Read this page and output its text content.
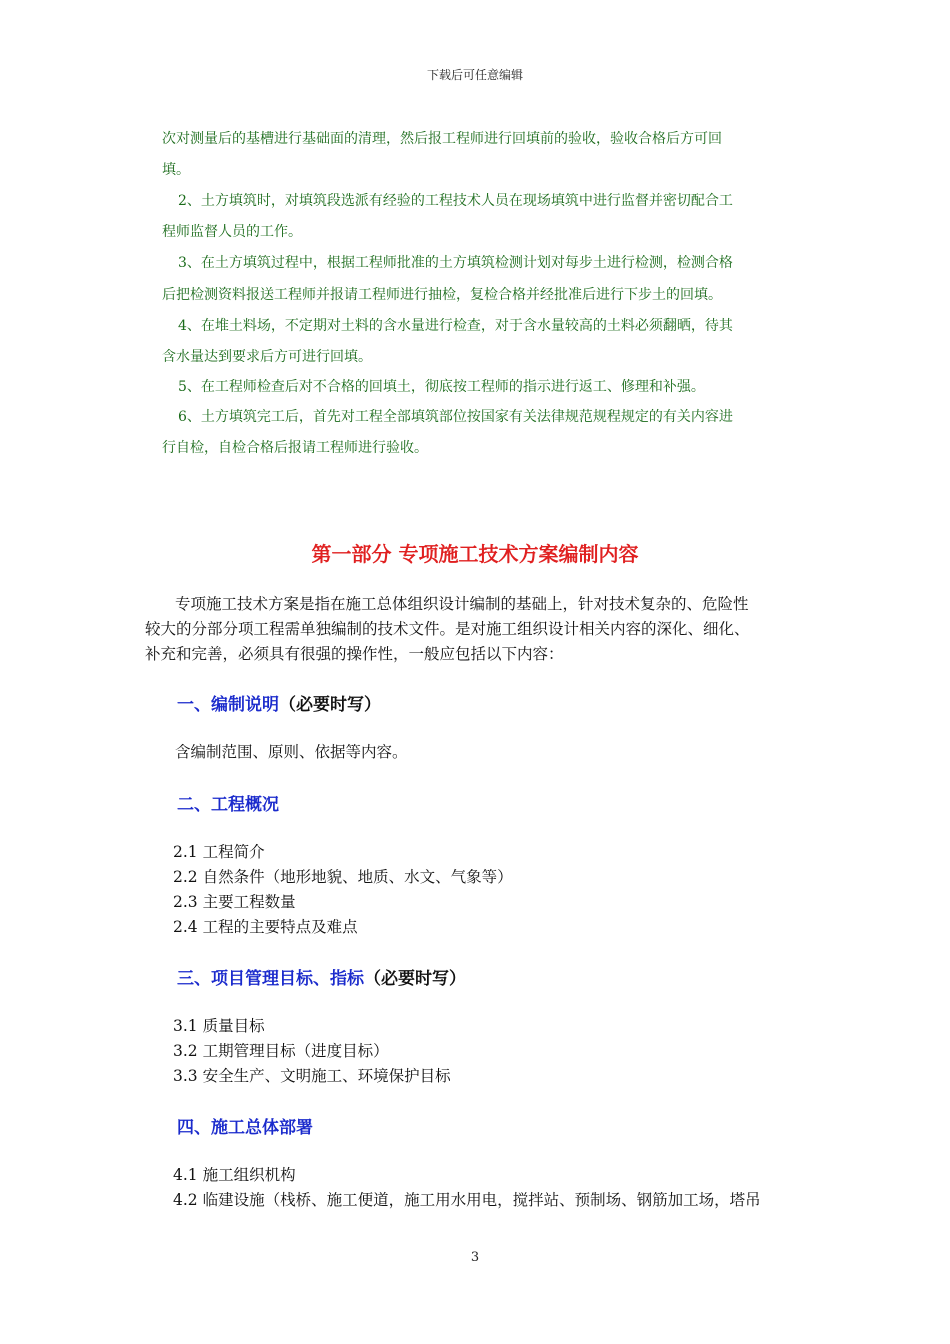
下载后可任意编辑
次对测量后的基槽进行基础面的清理，然后报工程师进行回填前的验收，验收合格后方可回
填。
2、土方填筑时，对填筑段选派有经验的工程技术人员在现场填筑中进行监督并密切配合工
程师监督人员的工作。
3、在土方填筑过程中，根据工程师批准的土方填筑检测计划对每步土进行检测，检测合格
后把检测资料报送工程师并报请工程师进行抽检，复检合格并经批准后进行下步土的回填。
4、在堆土料场，不定期对土料的含水量进行检查，对于含水量较高的土料必须翻晒，待其
含水量达到要求后方可进行回填。
5、在工程师检查后对不合格的回填土，彻底按工程师的指示进行返工、修理和补强。
6、土方填筑完工后，首先对工程全部填筑部位按国家有关法律规范规程规定的有关内容进
行自检，自检合格后报请工程师进行验收。
第一部分 专项施工技术方案编制内容
专项施工技术方案是指在施工总体组织设计编制的基础上，针对技术复杂的、危险性
较大的分部分项工程需单独编制的技术文件。是对施工组织设计相关内容的深化、细化、
补充和完善，必须具有很强的操作性，一般应包括以下内容：
一、编制说明（必要时写）
含编制范围、原则、依据等内容。
二、工程概况
2.1 工程简介
2.2 自然条件（地形地貌、地质、水文、气象等）
2.3 主要工程数量
2.4 工程的主要特点及难点
三、项目管理目标、指标（必要时写）
3.1 质量目标
3.2 工期管理目标（进度目标）
3.3 安全生产、文明施工、环境保护目标
四、施工总体部署
4.1 施工组织机构
4.2 临建设施（栈桥、施工便道，施工用水用电，搅拌站、预制场、钢筋加工场，塔吊
3
